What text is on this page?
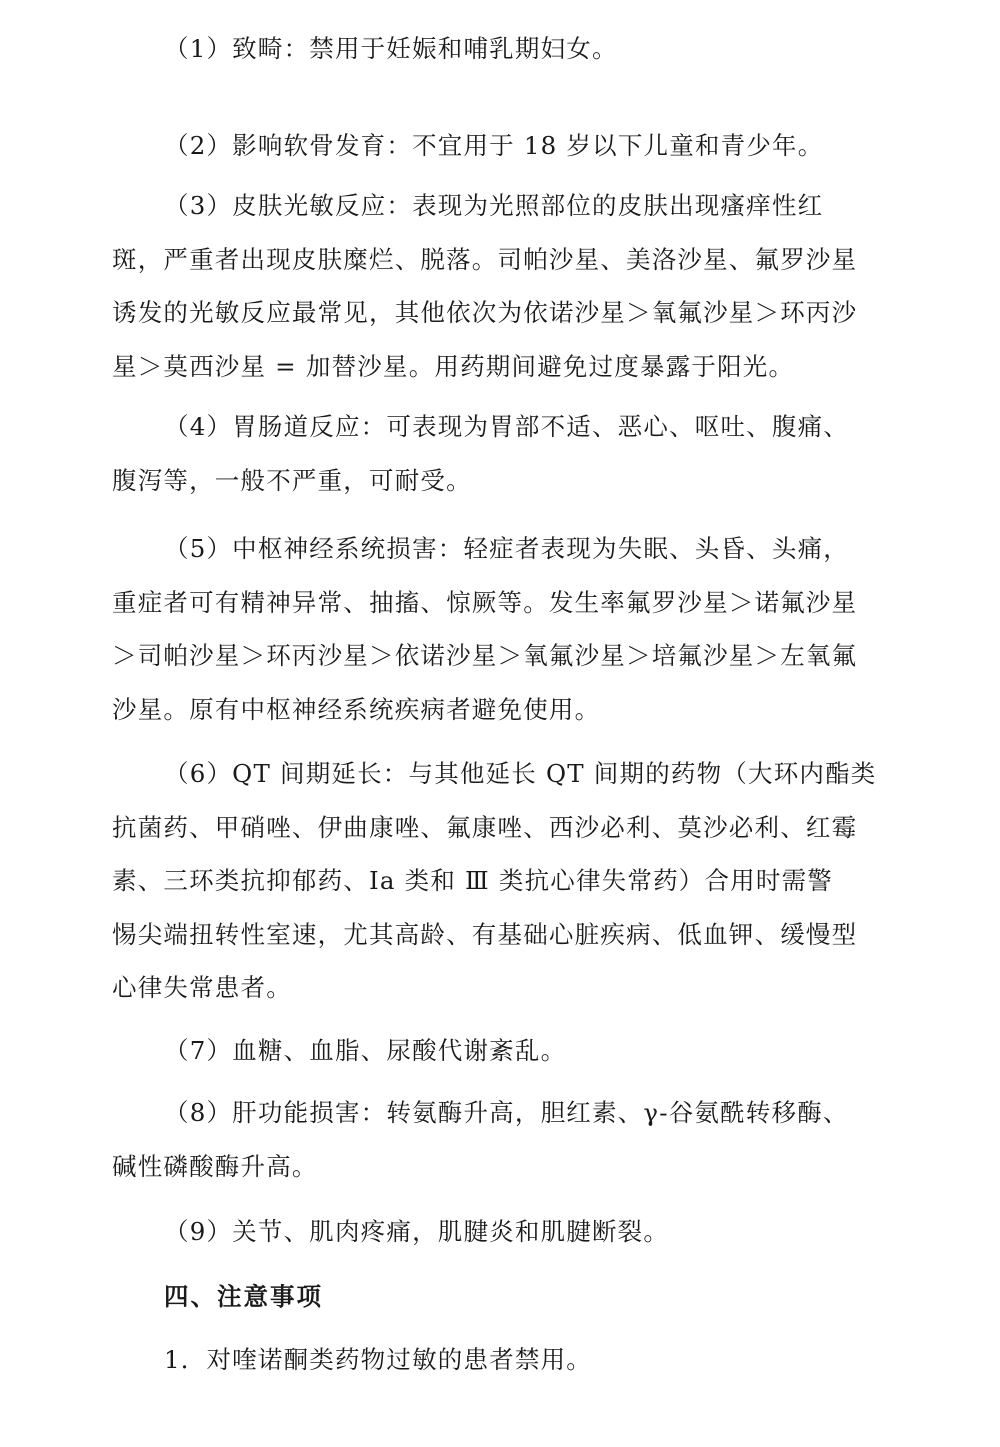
（1）致畸：禁用于妊娠和哺乳期妇女。

（2）影响软骨发育：不宜用于 18 岁以下儿童和青少年。

（3）皮肤光敏反应：表现为光照部位的皮肤出现瘙痒性红
斑，严重者出现皮肤糜烂、脱落。司帕沙星、美洛沙星、氟罗沙星
诱发的光敏反应最常见，其他依次为依诺沙星＞氧氟沙星＞环丙沙
星＞莫西沙星 = 加替沙星。用药期间避免过度暴露于阳光。

（4）胃肠道反应：可表现为胃部不适、恶心、呕吐、腹痛、
腹泻等，一般不严重，可耐受。

（5）中枢神经系统损害：轻症者表现为失眠、头昏、头痛，
重症者可有精神异常、抽搐、惊厥等。发生率氟罗沙星＞诺氟沙星
＞司帕沙星＞环丙沙星＞依诺沙星＞氧氟沙星＞培氟沙星＞左氧氟
沙星。原有中枢神经系统疾病者避免使用。

（6）QT 间期延长：与其他延长 QT 间期的药物（大环内酯类
抗菌药、甲硝唑、伊曲康唑、氟康唑、西沙必利、莫沙必利、红霉
素、三环类抗抑郁药、Ⅰa 类和 Ⅲ 类抗心律失常药）合用时需警
惕尖端扭转性室速，尤其高龄、有基础心脏疾病、低血钾、缓慢型
心律失常患者。

（7）血糖、血脂、尿酸代谢紊乱。

（8）肝功能损害：转氨酶升高，胆红素、γ-谷氨酰转移酶、
碱性磷酸酶升高。

（9）关节、肌肉疼痛，肌腱炎和肌腱断裂。

四、注意事项

1．对喹诺酮类药物过敏的患者禁用。
